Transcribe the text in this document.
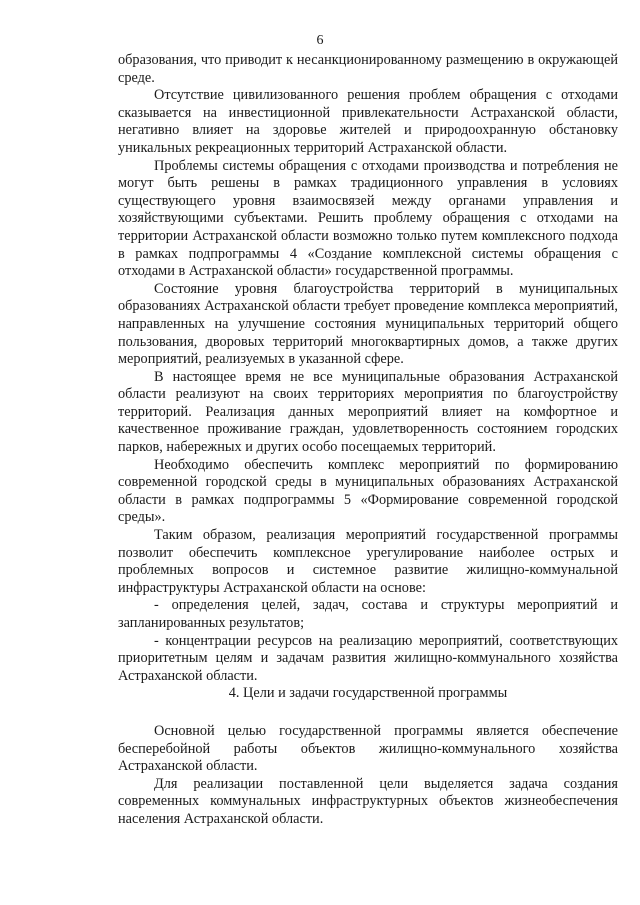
6

образования, что приводит к несанкционированному размещению в окружающей среде.

Отсутствие цивилизованного решения проблем обращения с отходами сказывается на инвестиционной привлекательности Астраханской области, негативно влияет на здоровье жителей и природоохранную обстановку уникальных рекреационных территорий Астраханской области.

Проблемы системы обращения с отходами производства и потребления не могут быть решены в рамках традиционного управления в условиях существующего уровня взаимосвязей между органами управления и хозяйствующими субъектами. Решить проблему обращения с отходами на территории Астраханской области возможно только путем комплексного подхода в рамках подпрограммы 4 «Создание комплексной системы обращения с отходами в Астраханской области» государственной программы.

Состояние уровня благоустройства территорий в муниципальных образованиях Астраханской области требует проведение комплекса мероприятий, направленных на улучшение состояния муниципальных территорий общего пользования, дворовых территорий многоквартирных домов, а также других мероприятий, реализуемых в указанной сфере.

В настоящее время не все муниципальные образования Астраханской области реализуют на своих территориях мероприятия по благоустройству территорий. Реализация данных мероприятий влияет на комфортное и качественное проживание граждан, удовлетворенность состоянием городских парков, набережных и других особо посещаемых территорий.

Необходимо обеспечить комплекс мероприятий по формированию современной городской среды в муниципальных образованиях Астраханской области в рамках подпрограммы 5 «Формирование современной городской среды».

Таким образом, реализация мероприятий государственной программы позволит обеспечить комплексное урегулирование наиболее острых и проблемных вопросов и системное развитие жилищно-коммунальной инфраструктуры Астраханской области на основе:

- определения целей, задач, состава и структуры мероприятий и запланированных результатов;

- концентрации ресурсов на реализацию мероприятий, соответствующих приоритетным целям и задачам развития жилищно-коммунального хозяйства Астраханской области.

4. Цели и задачи государственной программы

Основной целью государственной программы является обеспечение бесперебойной работы объектов жилищно-коммунального хозяйства Астраханской области.

Для реализации поставленной цели выделяется задача создания современных коммунальных инфраструктурных объектов жизнеобеспечения населения Астраханской области.
